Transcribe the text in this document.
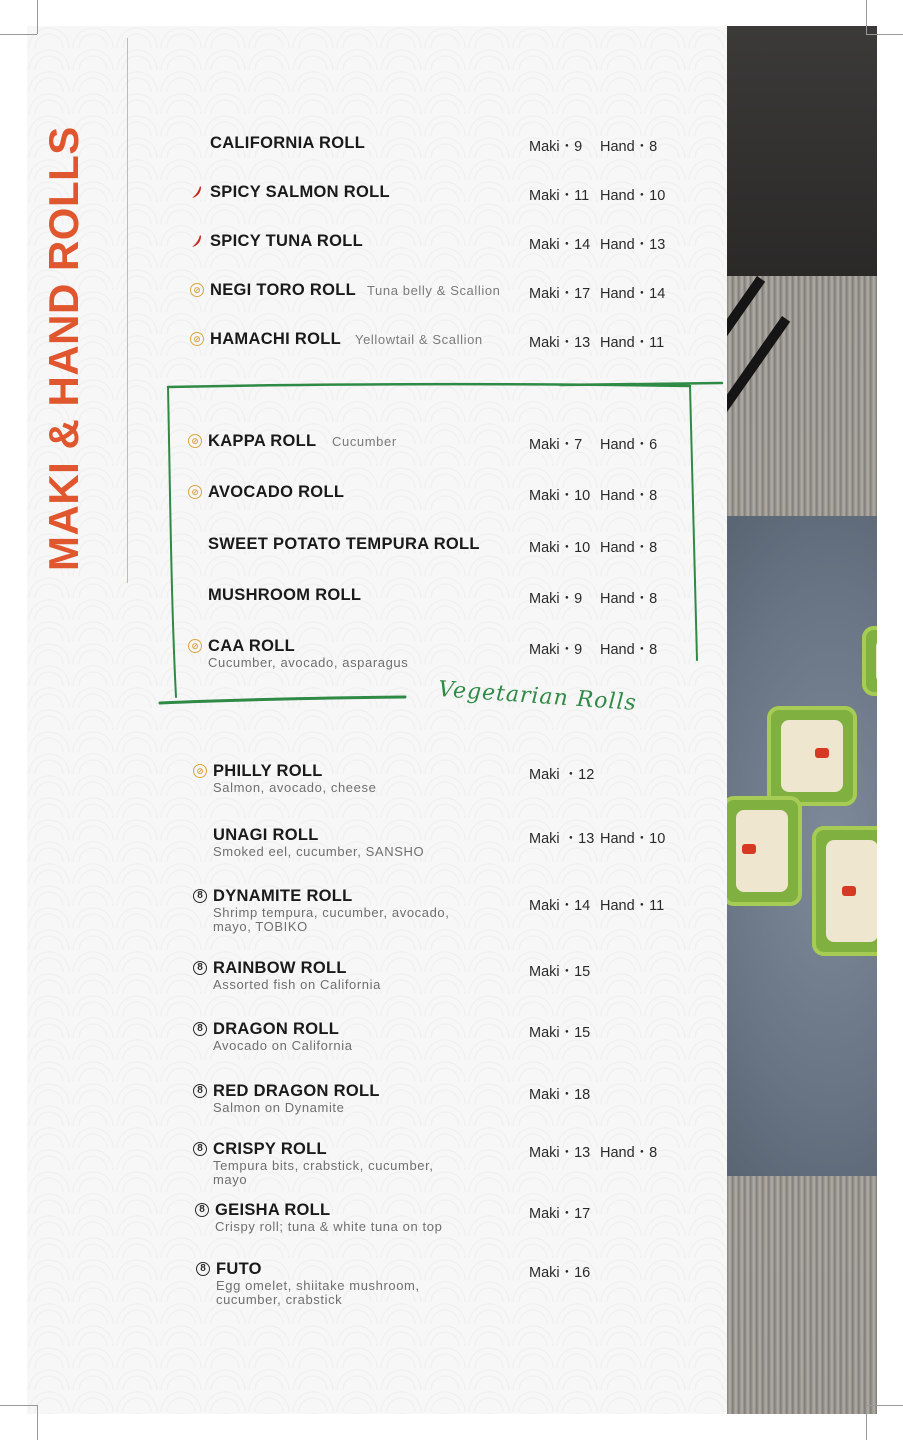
MAKI & HAND ROLLS
Vegetarian Rolls
CALIFORNIA ROLL	Maki・9 Hand・8
SPICY SALMON ROLL	Maki・11 Hand・10
SPICY TUNA ROLL	Maki・14 Hand・13
⊘ NEGI TORO ROLL Tuna belly & Scallion Maki・17 Hand・14
⊘ HAMACHI ROLL Yellowtail & Scallion	Maki・13 Hand・11
⊘ KAPPA ROLL Cucumber	Maki・7 Hand・6
⊘ AVOCADO ROLL	Maki・10 Hand・8
SWEET POTATO TEMPURA ROLL	Maki・10 Hand・8
MUSHROOM ROLL	Maki・9 Hand・8
⊘ CAA ROLL
Cucumber, avocado, asparagus
Maki・9 Hand・8
⊘ PHILLY ROLL
Salmon, avocado, cheese
Maki ・12
UNAGI ROLL
Smoked eel, cucumber, SANSHO
Maki ・13 Hand・10
8 DYNAMITE ROLL
Shrimp tempura, cucumber, avocado, mayo, TOBIKO
Maki・14 Hand・11
8 RAINBOW ROLL
Assorted fish on California
Maki・15
8 DRAGON ROLL
Avocado on California
Maki・15
8 RED DRAGON ROLL
Salmon on Dynamite
Maki・18
8 CRISPY ROLL
Tempura bits, crabstick, cucumber, mayo
Maki・13 Hand・8
8 GEISHA ROLL
Crispy roll; tuna & white tuna on top
Maki・17
8 FUTO
Egg omelet, shiitake mushroom, cucumber, crabstick
Maki・16
